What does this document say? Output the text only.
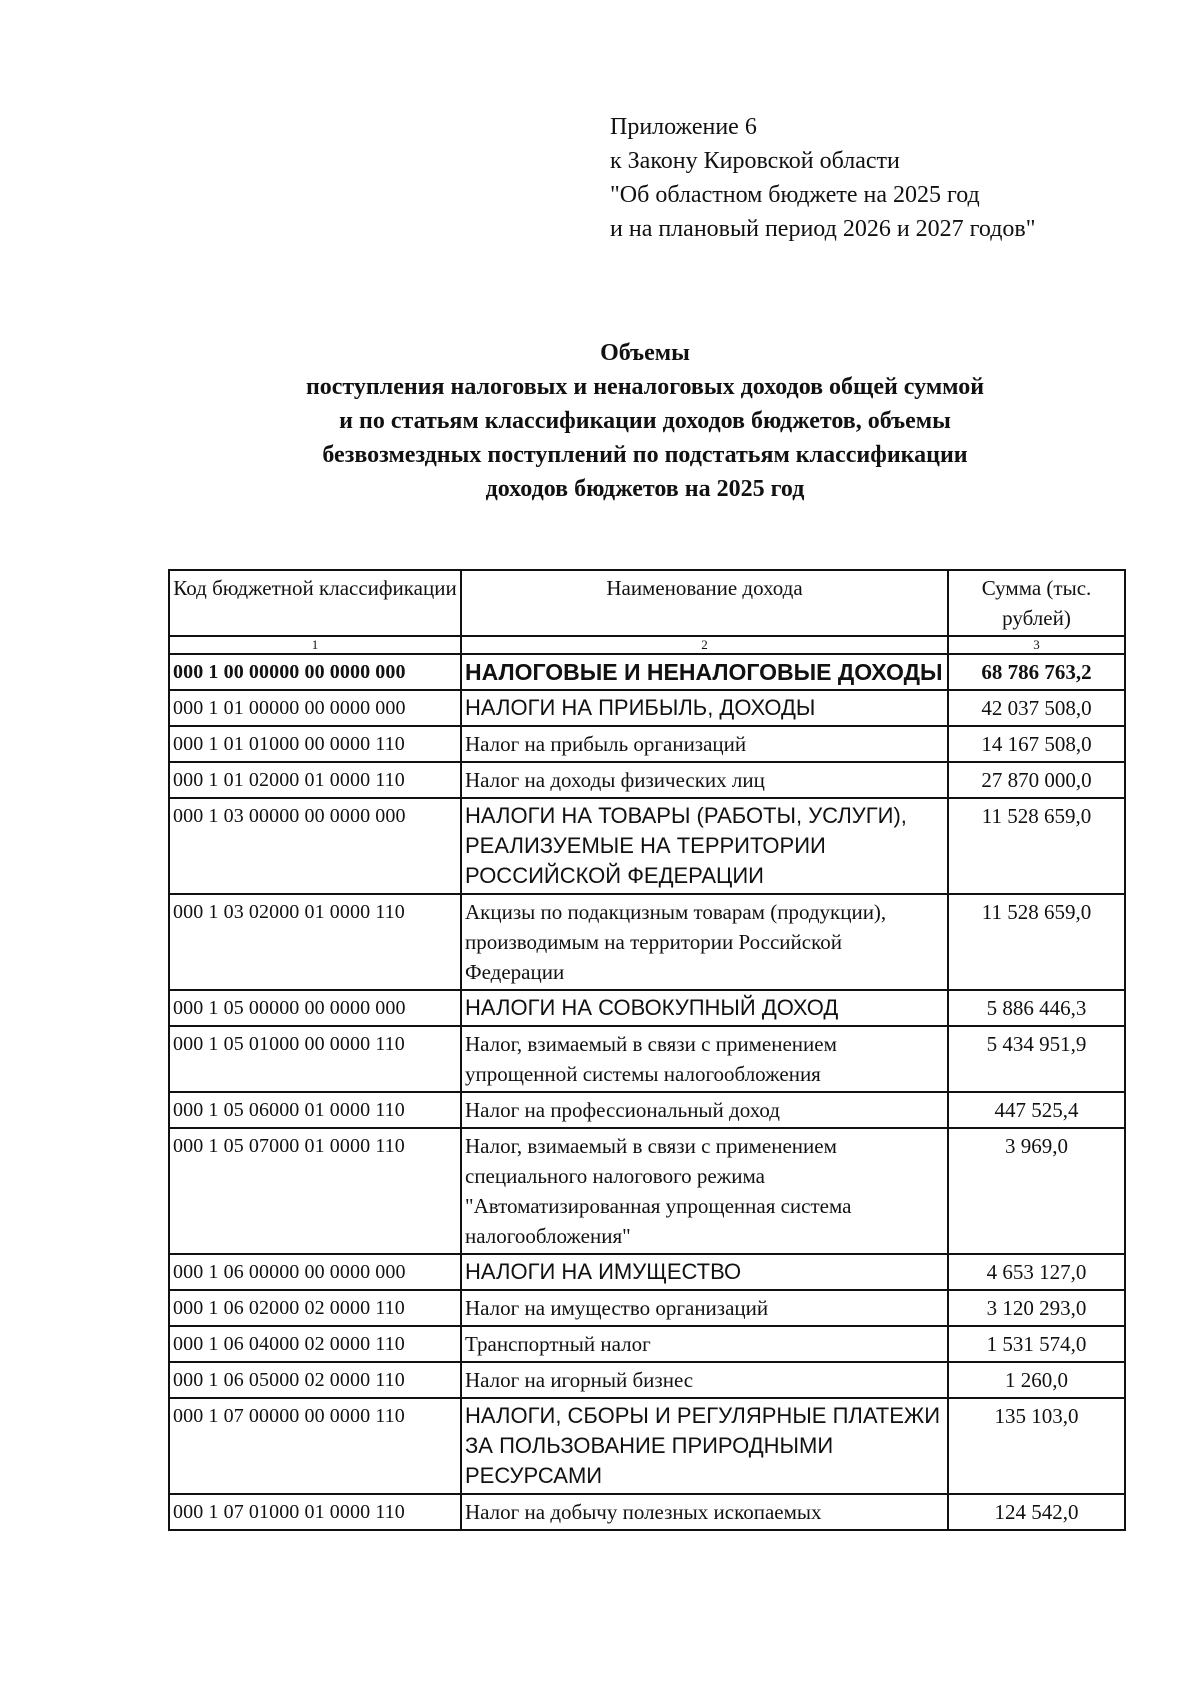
Приложение 6
к Закону Кировской области
"Об областном бюджете на 2025 год
и на плановый период 2026 и 2027 годов"
Объемы
поступления налоговых и неналоговых доходов общей суммой
и по статьям классификации доходов бюджетов, объемы
безвозмездных поступлений по подстатьям классификации
доходов бюджетов на 2025 год
Код бюджетной классификации	Наименование дохода	Сумма (тыс. рублей)
1	2	3
000 1 00 00000 00 0000 000	НАЛОГОВЫЕ И НЕНАЛОГОВЫЕ ДОХОДЫ	68 786 763,2
000 1 01 00000 00 0000 000	НАЛОГИ НА ПРИБЫЛЬ, ДОХОДЫ	42 037 508,0
000 1 01 01000 00 0000 110	Налог на прибыль организаций	14 167 508,0
000 1 01 02000 01 0000 110	Налог на доходы физических лиц	27 870 000,0
000 1 03 00000 00 0000 000	НАЛОГИ НА ТОВАРЫ (РАБОТЫ, УСЛУГИ), РЕАЛИЗУЕМЫЕ НА ТЕРРИТОРИИ РОССИЙСКОЙ ФЕДЕРАЦИИ	11 528 659,0
000 1 03 02000 01 0000 110	Акцизы по подакцизным товарам (продукции), производимым на территории Российской Федерации	11 528 659,0
000 1 05 00000 00 0000 000	НАЛОГИ НА СОВОКУПНЫЙ ДОХОД	5 886 446,3
000 1 05 01000 00 0000 110	Налог, взимаемый в связи с применением упрощенной системы налогообложения	5 434 951,9
000 1 05 06000 01 0000 110	Налог на профессиональный доход	447 525,4
000 1 05 07000 01 0000 110	Налог, взимаемый в связи с применением специального налогового режима "Автоматизированная упрощенная система налогообложения"	3 969,0
000 1 06 00000 00 0000 000	НАЛОГИ НА ИМУЩЕСТВО	4 653 127,0
000 1 06 02000 02 0000 110	Налог на имущество организаций	3 120 293,0
000 1 06 04000 02 0000 110	Транспортный налог	1 531 574,0
000 1 06 05000 02 0000 110	Налог на игорный бизнес	1 260,0
000 1 07 00000 00 0000 110	НАЛОГИ, СБОРЫ И РЕГУЛЯРНЫЕ ПЛАТЕЖИ ЗА ПОЛЬЗОВАНИЕ ПРИРОДНЫМИ РЕСУРСАМИ	135 103,0
000 1 07 01000 01 0000 110	Налог на добычу полезных ископаемых	124 542,0
